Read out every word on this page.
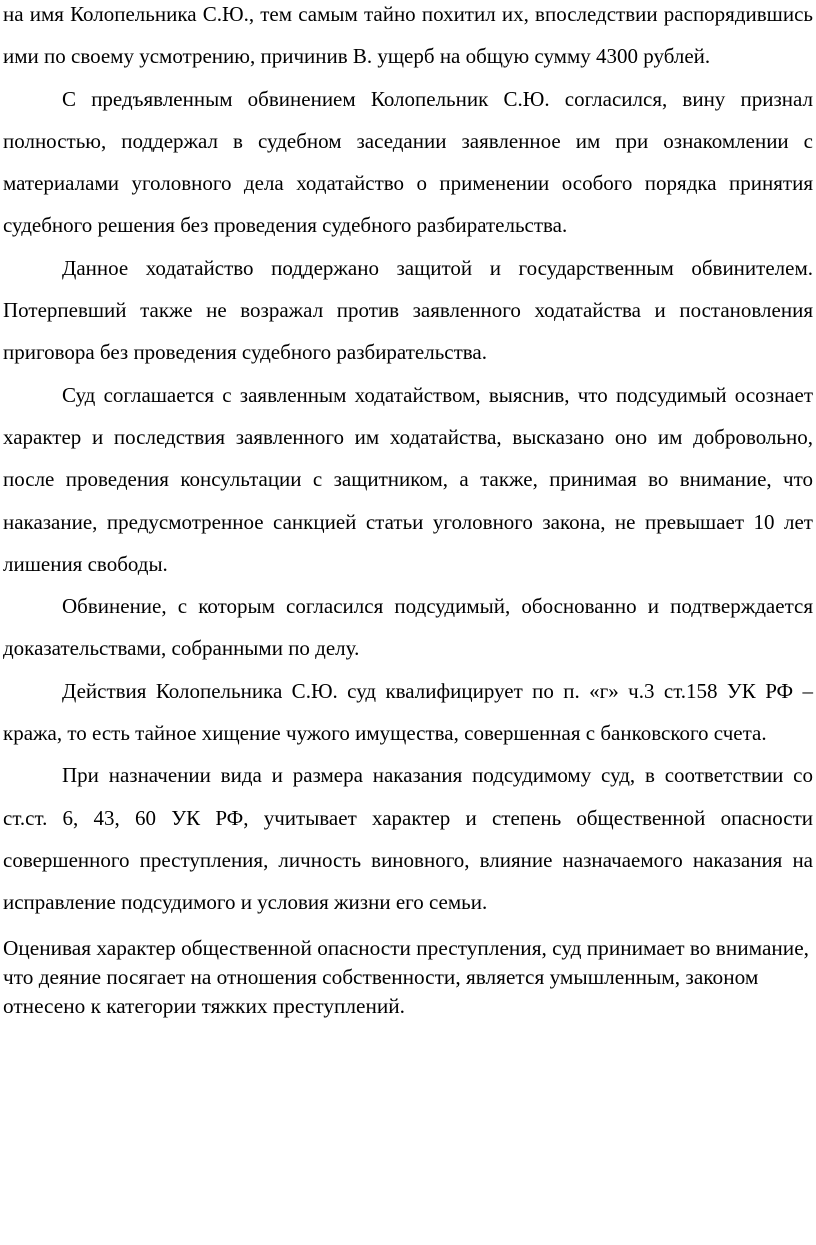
на имя Колопельника С.Ю., тем самым тайно похитил их, впоследствии распорядившись ими по своему усмотрению, причинив В. ущерб на общую сумму 4300 рублей.

С предъявленным обвинением Колопельник С.Ю. согласился, вину признал полностью, поддержал в судебном заседании заявленное им при ознакомлении с материалами уголовного дела ходатайство о применении особого порядка принятия судебного решения без проведения судебного разбирательства.

Данное ходатайство поддержано защитой и государственным обвинителем. Потерпевший также не возражал против заявленного ходатайства и постановления приговора без проведения судебного разбирательства.

Суд соглашается с заявленным ходатайством, выяснив, что подсудимый осознает характер и последствия заявленного им ходатайства, высказано оно им добровольно, после проведения консультации с защитником, а также, принимая во внимание, что наказание, предусмотренное санкцией статьи уголовного закона, не превышает 10 лет лишения свободы.

Обвинение, с которым согласился подсудимый, обоснованно и подтверждается доказательствами, собранными по делу.

Действия Колопельника С.Ю. суд квалифицирует по п. «г» ч.3 ст.158 УК РФ – кража, то есть тайное хищение чужого имущества, совершенная с банковского счета.

При назначении вида и размера наказания подсудимому суд, в соответствии со ст.ст. 6, 43, 60 УК РФ, учитывает характер и степень общественной опасности совершенного преступления, личность виновного, влияние назначаемого наказания на исправление подсудимого и условия жизни его семьи.

Оценивая характер общественной опасности преступления, суд принимает во внимание, что деяние посягает на отношения собственности, является умышленным, законом отнесено к категории тяжких преступлений.
